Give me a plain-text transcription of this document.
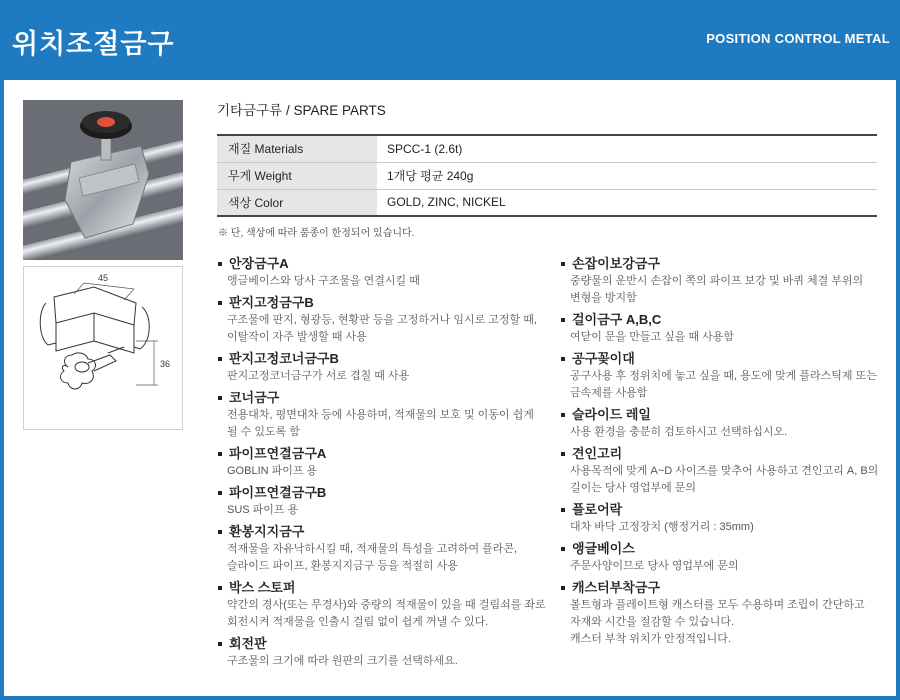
위치조절금구	POSITION CONTROL METAL
45
36
기타금구류 / SPARE PARTS
재질 Materials	SPCC-1 (2.6t)
무게 Weight	1개당 평균 240g
색상 Color	GOLD, ZINC, NICKEL
※ 단, 색상에 따라 품종이 한정되어 있습니다.
안장금구A
앵글베이스와 당사 구조물을 연결시킬 때
판지고정금구B
구조물에 판지, 형광등, 현황판 등을 고정하거나 임시로 고정할 때,
이탈작이 자주 발생할 때 사용
판지고정코너금구B
판지고정코너금구가 서로 겹칠 때 사용
코너금구
전용대차, 평면대차 등에 사용하며, 적재물의 보호 및 이동이 쉽게
될 수 있도록 함
파이프연결금구A
GOBLIN 파이프 용
파이프연결금구B
SUS 파이프 용
환봉지지금구
적재물을 자유낙하시킬 때, 적재물의 특성을 고려하여 플라콘,
슬라이드 파이프, 환봉지지금구 등을 적절히 사용
박스 스토퍼
약간의 경사(또는 무경사)와 중량의 적재물이 있을 때 걸림쇠를 좌로
회전시켜 적재물을 인출시 걸림 없이 쉽게 꺼낼 수 있다.
회전판
구조물의 크기에 따라 원판의 크기를 선택하세요.
손잡이보강금구
중량물의 운반시 손잡이 쪽의 파이프 보강 및 바퀴 체결 부위의
변형을 방지함
걸이금구 A,B,C
여닫이 문을 만들고 싶을 때 사용함
공구꽂이대
공구사용 후 정위치에 놓고 싶을 때, 용도에 맞게 플라스틱제 또는
금속제를 사용함
슬라이드 레일
사용 환경을 충분히 검토하시고 선택하십시오.
견인고리
사용목적에 맞게 A~D 사이즈를 맞추어 사용하고 견인고리 A, B의
길이는 당사 영업부에 문의
플로어락
대차 바닥 고정장치 (행정거리 : 35mm)
앵글베이스
주문사양이므로 당사 영업부에 문의
캐스터부착금구
볼트형과 플레이트형 캐스터를 모두 수용하며 조립이 간단하고
자재와 시간을 절감할 수 있습니다.
캐스터 부착 위치가 안정적입니다.
